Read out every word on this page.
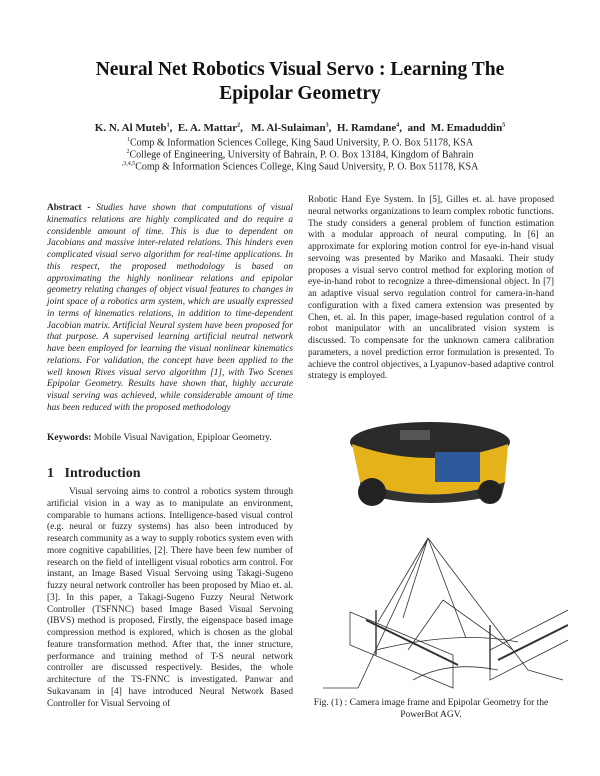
Neural Net Robotics Visual Servo : Learning The Epipolar Geometry
K. N. Al Muteb$^1$,  E. A. Mattar$^2$,   M. Al-Sulaiman$^3$,  H. Ramdane$^4$,  and M. Emaduddin$^5$
$^1$Comp & Information Sciences College, King Saud University, P. O. Box 51178, KSA
$^2$College of Engineering, University of Bahrain, P. O. Box 13184, Kingdom of Bahrain
$^{,3,4,5}$Comp & Information Sciences College, King Saud University, P. O. Box 51178, KSA
Abstract - Studies have shown that computations of visual kinematics relations are highly complicated and do require a considenble amount of time. This is due to dependent on Jacobians and massive inter-related relations. This hinders even complicated visual servo algorithm for real-time applications. In this respect, the proposed methodology is based on approximating the highly nonlinear relations and epipolar geometry relating changes of object visual features to changes in joint space of a robotics arm system, which are usually expressed in terms of kinematics relations, in addition to time-dependent Jacobian matrix. Artificial Neural system have been proposed for that purpose. A supervised learning artificial neutral network have been employed for learning the visual nonlinear kinematics relations. For validation, the concept have been applied to the well known Rives visual servo algorithm [1], with Two Scenes Epipolar Geometry. Results have shown that, highly accurate visual serving was achieved, while considerable amount of time has been reduced with the proposed methodology
Keywords: Mobile Visual Navigation, Epiploar Geometry.
1 Introduction

Visual servoing aims to control a robotics system through artificial vision in a way as to manipulate an environment, comparable to humans actions. Intelligence-based visual control (e.g. neural or fuzzy systems) has also been introduced by research community as a way to supply robotics system even with more cognitive capabilities, [2]. There have been few number of research on the field of intelligent visual robotics arm control. For instant, an Image Based Visual Servoing using Takagi-Sugeno fuzzy neural network controller has been proposed by Miao et. al. [3]. In this paper, a Takagi-Sugeno Fuzzy Neural Network Controller (TSFNNC) based Image Based Visual Servoing (IBVS) method is proposed. Firstly, the eigenspace based image compression method is explored, which is chosen as the global feature transformation method. After that, the inner structure, performance and training method of T-S neural network controller are discussed respectively. Besides, the whole architecture of the TS-FNNC is investigated. Panwar and Sukavanam in [4] have introduced Neural Network Based Controller for Visual Servoing of

Robotic Hand Eye System. In [5], Gilles et. al. have proposed neural networks organizations to learn complex robotic functions. The study considers a general problem of function estimation with a modular approach of neural computing. In [6] an approximate for exploring motion control for eye-in-hand visual servoing was presented by Mariko and Masaaki. Their study proposes a visual servo control method for exploring motion of eye-in-hand robot to recognize a three-dimensional object. In [7] an adaptive visual servo regulation control for camera-in-hand configuration with a fixed camera extension was presented by Chen, et. al. In this paper, image-based regulation control of a robot manipulator with an uncalibrated vision system is discussed. To compensate for the unknown camera calibration parameters, a novel prediction error formulation is presented. To achieve the control objectives, a Lyapunov-based adaptive control strategy is employed.
Fig. (1) : Camera image frame and Epipolar Geometry for the PowerBot AGV.
